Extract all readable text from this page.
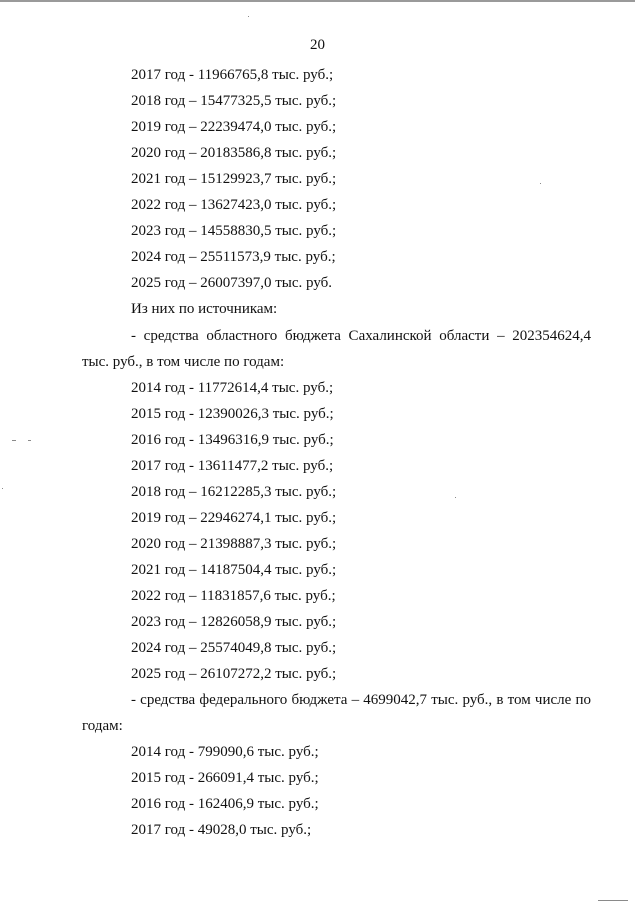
20
2017 год - 11966765,8 тыс. руб.;
2018 год – 15477325,5 тыс. руб.;
2019 год – 22239474,0 тыс. руб.;
2020 год – 20183586,8 тыс. руб.;
2021 год – 15129923,7 тыс. руб.;
2022 год – 13627423,0 тыс. руб.;
2023 год – 14558830,5 тыс. руб.;
2024 год – 25511573,9 тыс. руб.;
2025 год – 26007397,0 тыс. руб.
Из них по источникам:
- средства областного бюджета Сахалинской области – 202354624,4
тыс. руб., в том числе по годам:
2014 год - 11772614,4 тыс. руб.;
2015 год - 12390026,3 тыс. руб.;
2016 год - 13496316,9 тыс. руб.;
2017 год - 13611477,2 тыс. руб.;
2018 год – 16212285,3 тыс. руб.;
2019 год – 22946274,1 тыс. руб.;
2020 год – 21398887,3 тыс. руб.;
2021 год – 14187504,4 тыс. руб.;
2022 год – 11831857,6 тыс. руб.;
2023 год – 12826058,9 тыс. руб.;
2024 год – 25574049,8 тыс. руб.;
2025 год – 26107272,2 тыс. руб.;
- средства федерального бюджета – 4699042,7 тыс. руб., в том числе по
годам:
2014 год - 799090,6 тыс. руб.;
2015 год - 266091,4 тыс. руб.;
2016 год - 162406,9 тыс. руб.;
2017 год - 49028,0 тыс. руб.;
